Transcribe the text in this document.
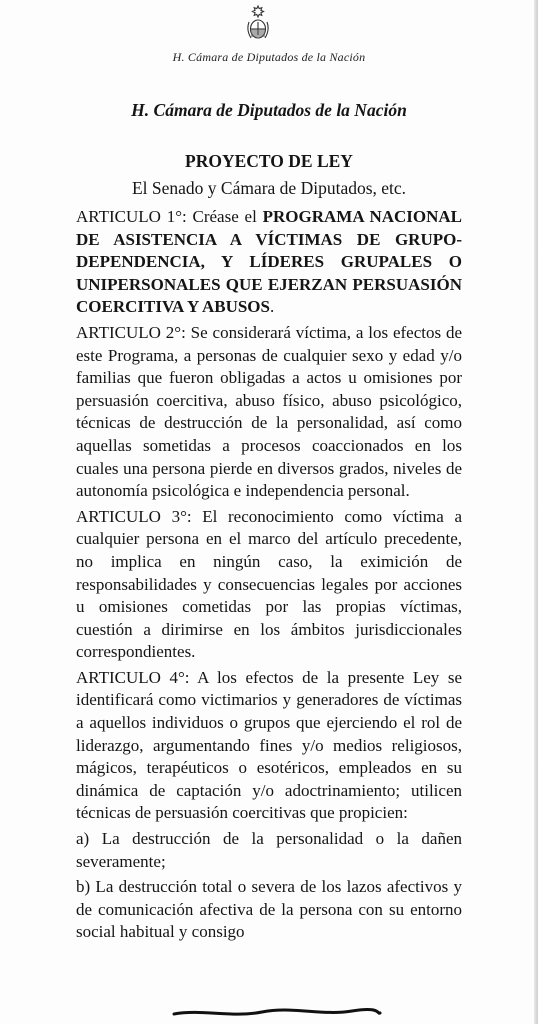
H. Cámara de Diputados de la Nación
H. Cámara de Diputados de la Nación
PROYECTO DE LEY
El Senado y Cámara de Diputados, etc.

ARTICULO 1°: Créase el PROGRAMA NACIONAL DE ASISTENCIA A VÍCTIMAS DE GRUPO-DEPENDENCIA, Y LÍDERES GRUPALES O UNIPERSONALES QUE EJERZAN PERSUASIÓN COERCITIVA Y ABUSOS.

ARTICULO 2°: Se considerará víctima, a los efectos de este Programa, a personas de cualquier sexo y edad y/o familias que fueron obligadas a actos u omisiones por persuasión coercitiva, abuso físico, abuso psicológico, técnicas de destrucción de la personalidad, así como aquellas sometidas a procesos coaccionados en los cuales una persona pierde en diversos grados, niveles de autonomía psicológica e independencia personal.

ARTICULO 3°: El reconocimiento como víctima a cualquier persona en el marco del artículo precedente, no implica en ningún caso, la eximición de responsabilidades y consecuencias legales por acciones u omisiones cometidas por las propias víctimas, cuestión a dirimirse en los ámbitos jurisdiccionales correspondientes.

ARTICULO 4°: A los efectos de la presente Ley se identificará como victimarios y generadores de víctimas a aquellos individuos o grupos que ejerciendo el rol de liderazgo, argumentando fines y/o medios religiosos, mágicos, terapéuticos o esotéricos, empleados en su dinámica de captación y/o adoctrinamiento; utilicen técnicas de persuasión coercitivas que propicien:

a) La destrucción de la personalidad o la dañen severamente;

b) La destrucción total o severa de los lazos afectivos y de comunicación afectiva de la persona con su entorno social habitual y consigo
